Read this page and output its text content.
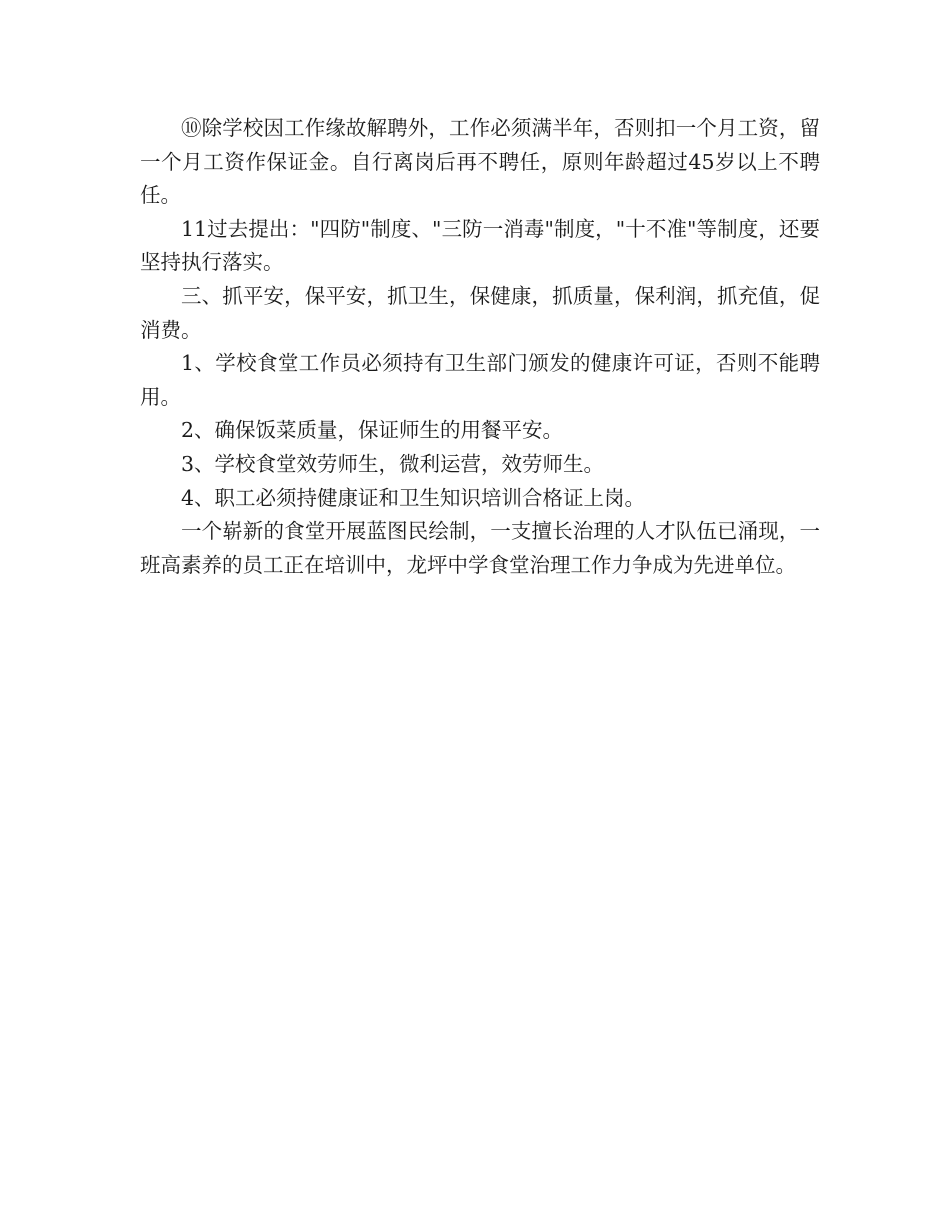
⑩除学校因工作缘故解聘外，工作必须满半年，否则扣一个月工资，留一个月工资作保证金。自行离岗后再不聘任，原则年龄超过45岁以上不聘任。

11过去提出："四防"制度、"三防一消毒"制度，"十不准"等制度，还要坚持执行落实。

三、抓平安，保平安，抓卫生，保健康，抓质量，保利润，抓充值，促消费。

1、学校食堂工作员必须持有卫生部门颁发的健康许可证，否则不能聘用。

2、确保饭菜质量，保证师生的用餐平安。

3、学校食堂效劳师生，微利运营，效劳师生。

4、职工必须持健康证和卫生知识培训合格证上岗。

一个崭新的食堂开展蓝图民绘制，一支擅长治理的人才队伍已涌现，一班高素养的员工正在培训中，龙坪中学食堂治理工作力争成为先进单位。
